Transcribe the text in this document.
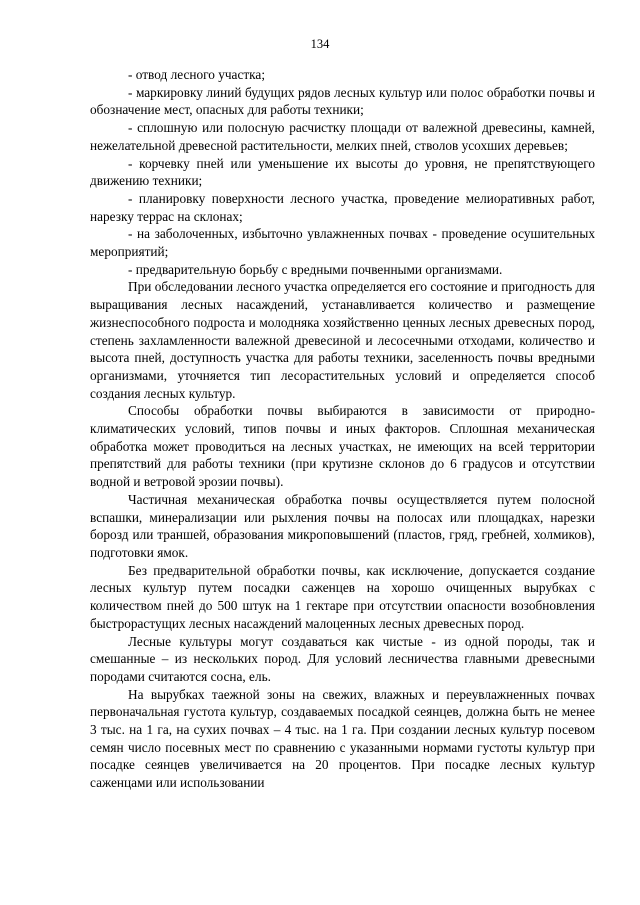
134

- отвод лесного участка;

- маркировку линий будущих рядов лесных культур или полос обработки почвы и обозначение мест, опасных для работы техники;

- сплошную или полосную расчистку площади от валежной древесины, камней, нежелательной древесной растительности, мелких пней, стволов усохших деревьев;

- корчевку пней или уменьшение их высоты до уровня, не препятствующего движению техники;

- планировку поверхности лесного участка, проведение мелиоративных работ, нарезку террас на склонах;

- на заболоченных, избыточно увлажненных почвах - проведение осушительных мероприятий;

- предварительную борьбу с вредными почвенными организмами.

При обследовании лесного участка определяется его состояние и пригодность для выращивания лесных насаждений, устанавливается количество и размещение жизнеспособного подроста и молодняка хозяйственно ценных лесных древесных пород, степень захламленности валежной древесиной и лесосечными отходами, количество и высота пней, доступность участка для работы техники, заселенность почвы вредными организмами, уточняется тип лесорастительных условий и определяется способ создания лесных культур.

Способы обработки почвы выбираются в зависимости от природно-климатических условий, типов почвы и иных факторов. Сплошная механическая обработка может проводиться на лесных участках, не имеющих на всей территории препятствий для работы техники (при крутизне склонов до 6 градусов и отсутствии водной и ветровой эрозии почвы).

Частичная механическая обработка почвы осуществляется путем полосной вспашки, минерализации или рыхления почвы на полосах или площадках, нарезки борозд или траншей, образования микроповышений (пластов, гряд, гребней, холмиков), подготовки ямок.

Без предварительной обработки почвы, как исключение, допускается создание лесных культур путем посадки саженцев на хорошо очищенных вырубках с количеством пней до 500 штук на 1 гектаре при отсутствии опасности возобновления быстрорастущих лесных насаждений малоценных лесных древесных пород.

Лесные культуры могут создаваться как чистые - из одной породы, так и смешанные – из нескольких пород. Для условий лесничества главными древесными породами считаются сосна, ель.

На вырубках таежной зоны на свежих, влажных и переувлажненных почвах первоначальная густота культур, создаваемых посадкой сеянцев, должна быть не менее 3 тыс. на 1 га, на сухих почвах – 4 тыс. на 1 га. При создании лесных культур посевом семян число посевных мест по сравнению с указанными нормами густоты культур при посадке сеянцев увеличивается на 20 процентов. При посадке лесных культур саженцами или использовании
